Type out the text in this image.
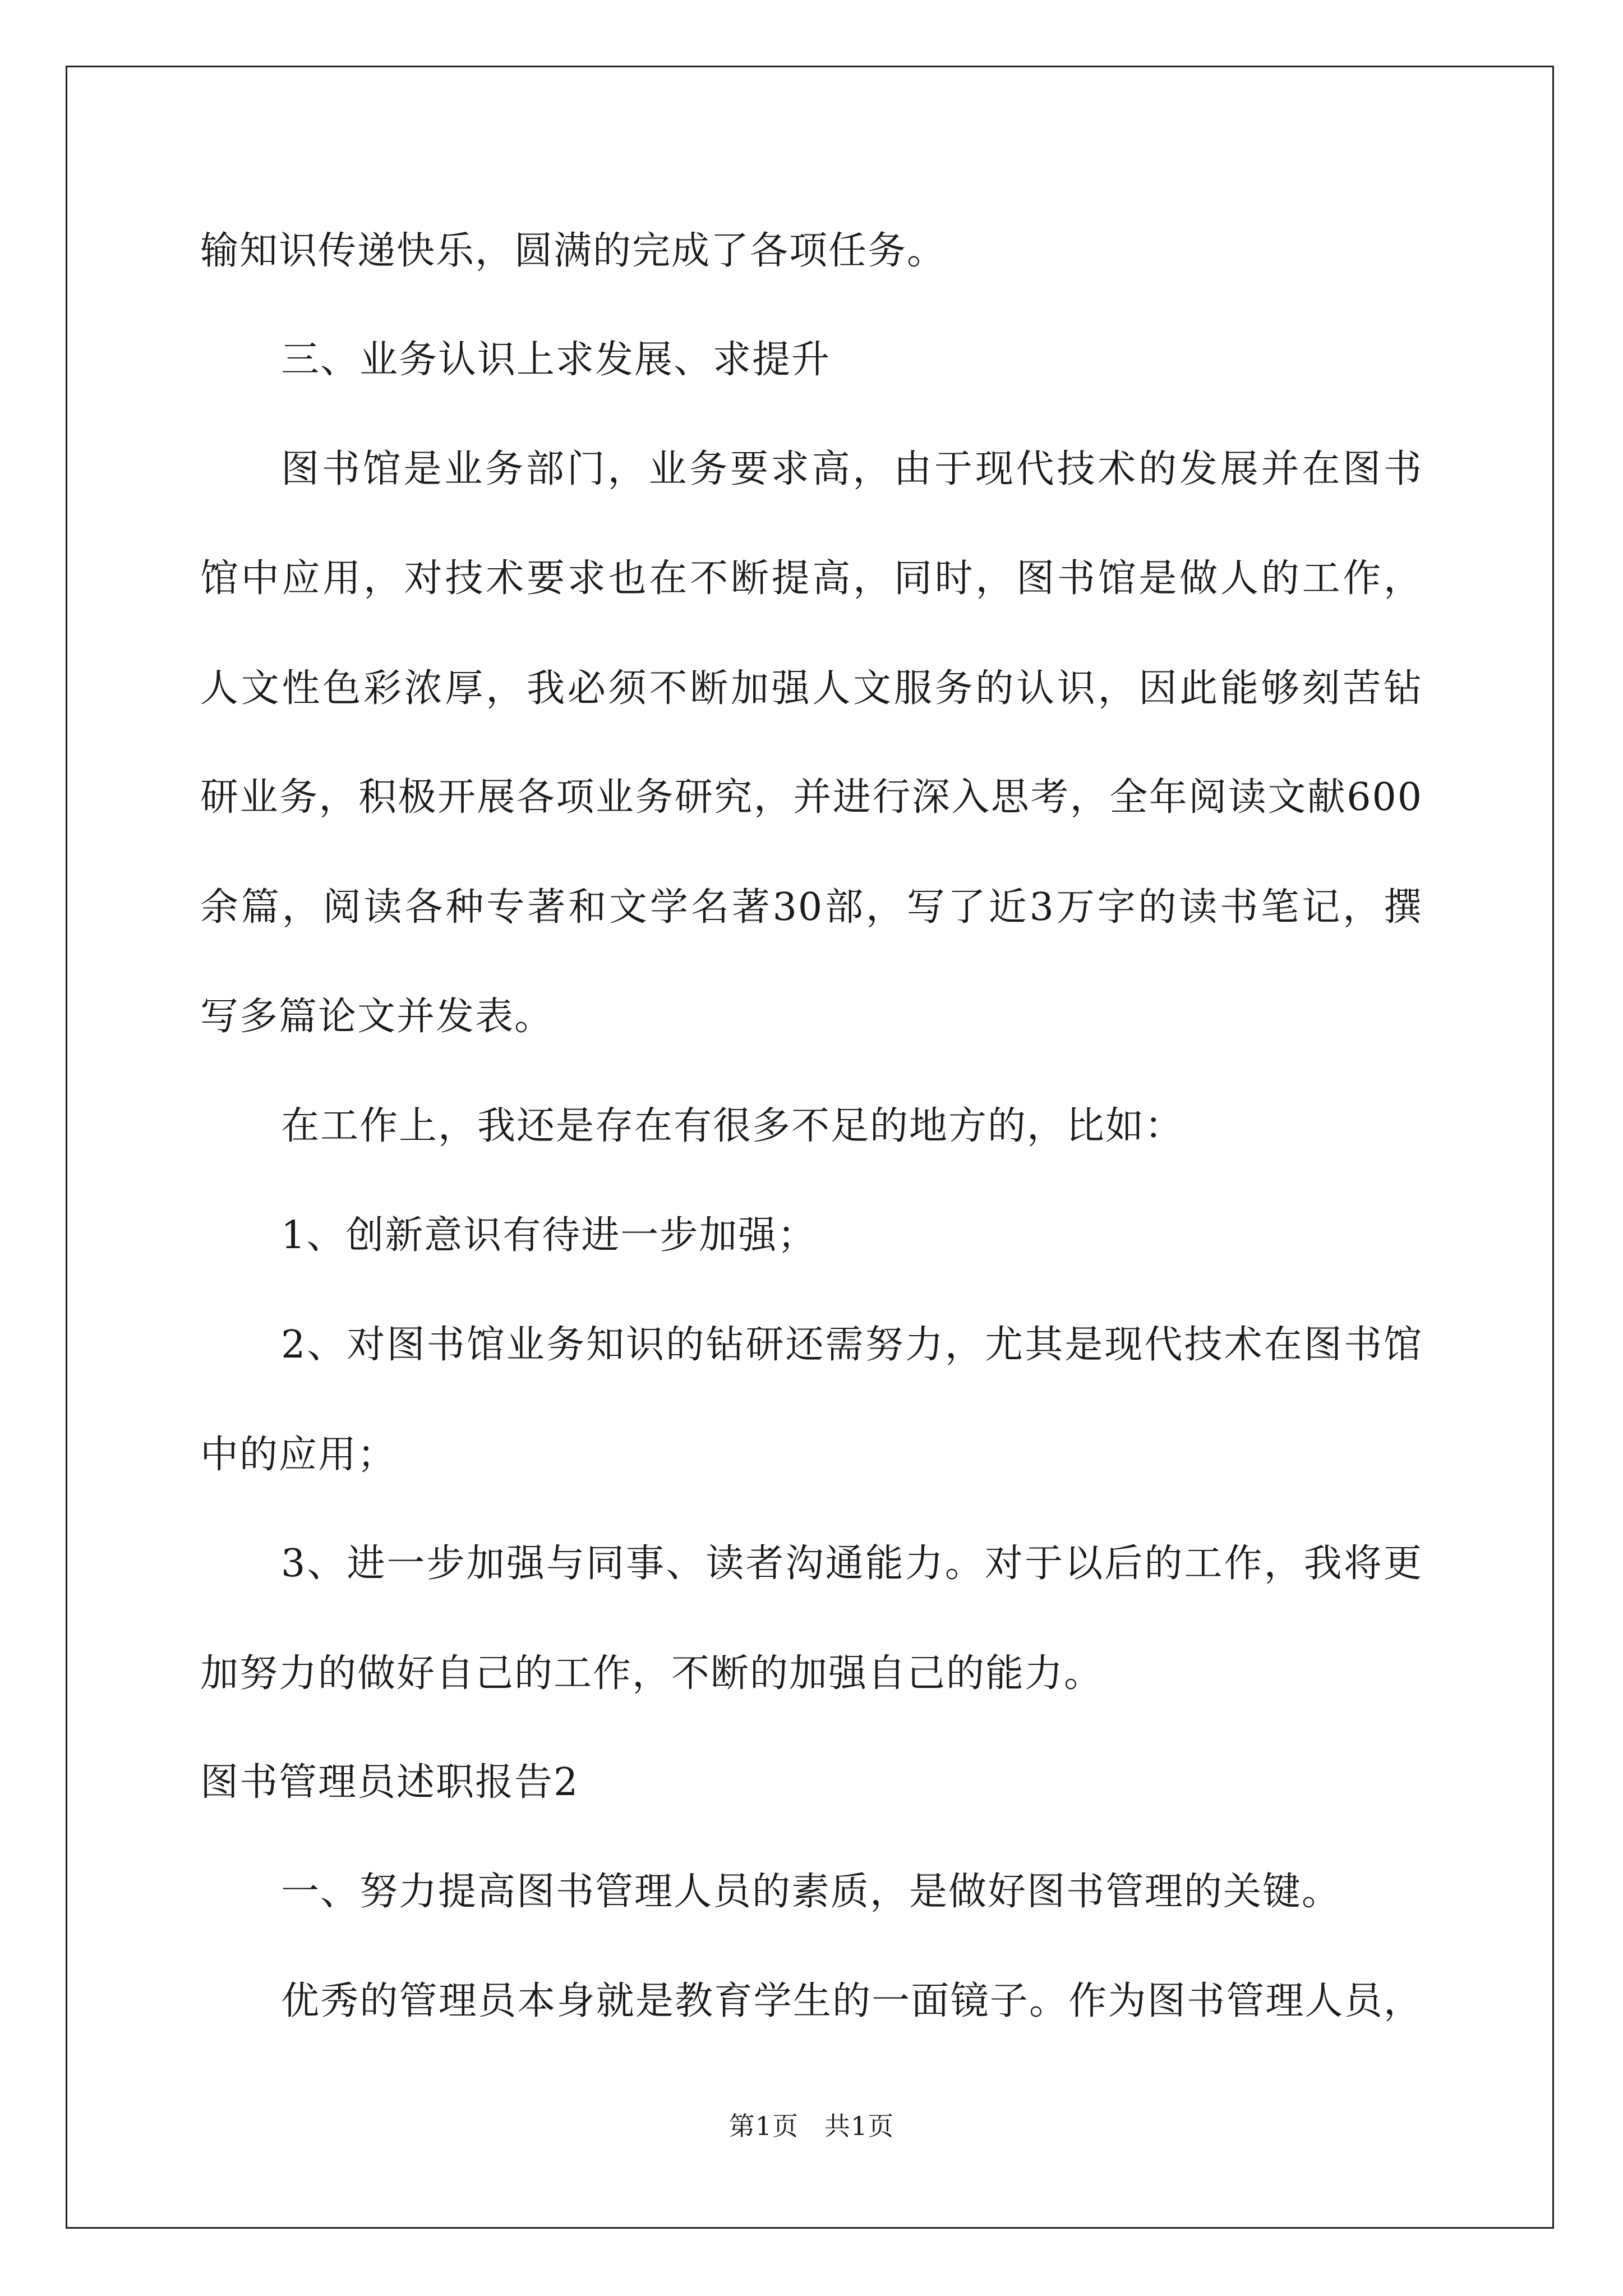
输知识传递快乐，圆满的完成了各项任务。
三、业务认识上求发展、求提升
图书馆是业务部门，业务要求高，由于现代技术的发展并在图书
馆中应用，对技术要求也在不断提高，同时，图书馆是做人的工作，
人文性色彩浓厚，我必须不断加强人文服务的认识，因此能够刻苦钻
研业务，积极开展各项业务研究，并进行深入思考，全年阅读文献600
余篇，阅读各种专著和文学名著30部，写了近3万字的读书笔记，撰
写多篇论文并发表。
在工作上，我还是存在有很多不足的地方的，比如：
1、创新意识有待进一步加强；
2、对图书馆业务知识的钻研还需努力，尤其是现代技术在图书馆
中的应用；
3、进一步加强与同事、读者沟通能力。对于以后的工作，我将更
加努力的做好自己的工作，不断的加强自己的能力。
图书管理员述职报告2
一、努力提高图书管理人员的素质，是做好图书管理的关键。
优秀的管理员本身就是教育学生的一面镜子。作为图书管理人员，
第1页 共1页
